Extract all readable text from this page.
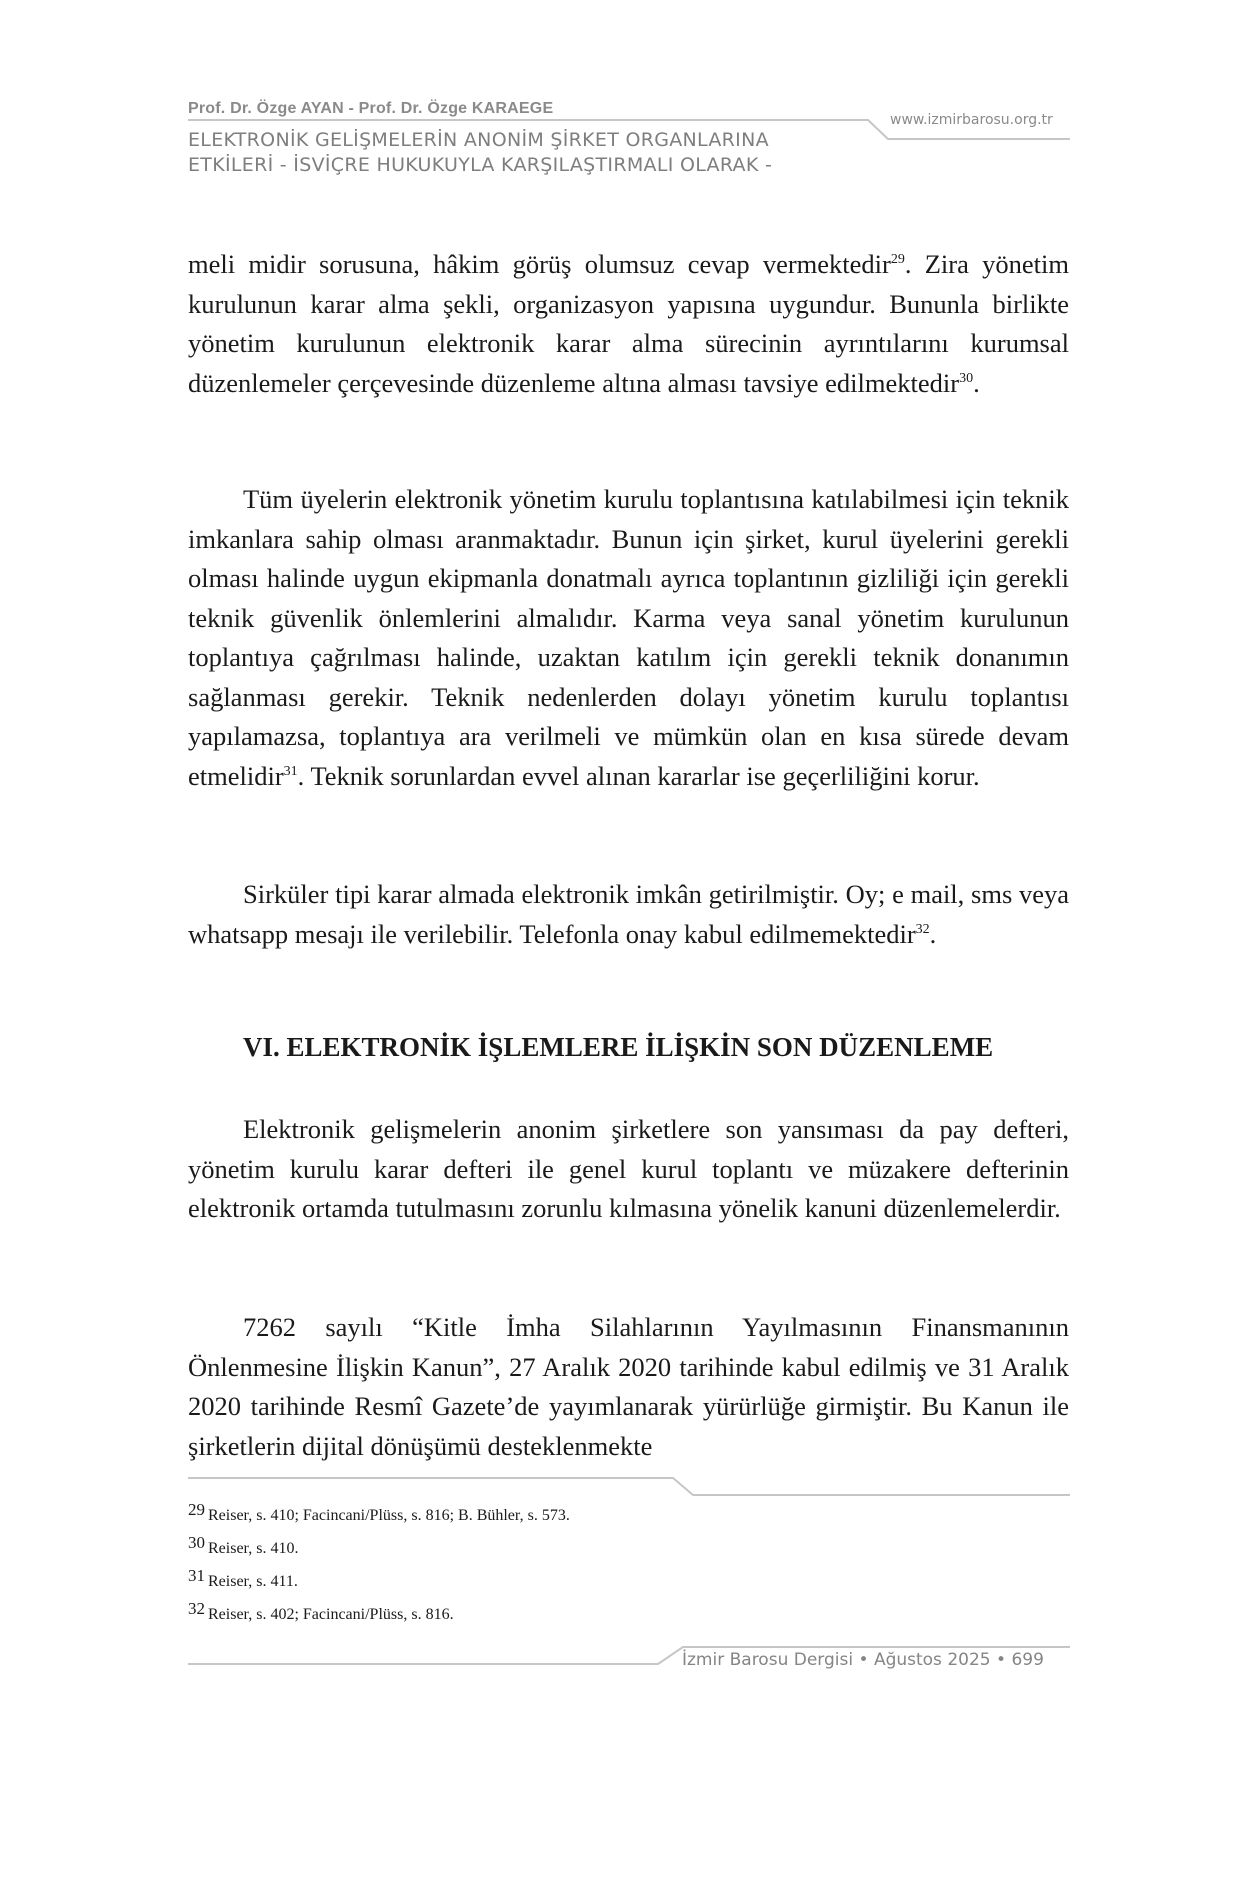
Prof. Dr. Özge AYAN - Prof. Dr. Özge KARAEGE
ELEKTRONİK GELİŞMELERİN ANONİM ŞİRKET ORGANLARINA
ETKİLERİ - İSVİÇRE HUKUKUYLA KARŞILAŞTIRMALI OLARAK -
www.izmirbarosu.org.tr

meli midir sorusuna, hâkim görüş olumsuz cevap vermektedir$^{29}$. Zira yönetim kurulunun karar alma şekli, organizasyon yapısına uygundur. Bununla birlikte yönetim kurulunun elektronik karar alma sürecinin ayrıntılarını kurumsal düzenlemeler çerçevesinde düzenleme altına alması tavsiye edilmektedir$^{30}$.

Tüm üyelerin elektronik yönetim kurulu toplantısına katılabilmesi için teknik imkanlara sahip olması aranmaktadır. Bunun için şirket, kurul üyelerini gerekli olması halinde uygun ekipmanla donatmalı ayrıca toplantının gizliliği için gerekli teknik güvenlik önlemlerini almalıdır. Karma veya sanal yönetim kurulunun toplantıya çağrılması halinde, uzaktan katılım için gerekli teknik donanımın sağlanması gerekir. Teknik nedenlerden dolayı yönetim kurulu toplantısı yapılamazsa, toplantıya ara verilmeli ve mümkün olan en kısa sürede devam etmelidir$^{31}$. Teknik sorunlardan evvel alınan kararlar ise geçerliliğini korur.

Sirküler tipi karar almada elektronik imkân getirilmiştir. Oy; e mail, sms veya whatsapp mesajı ile verilebilir. Telefonla onay kabul edilmemektedir$^{32}$.

VI. ELEKTRONİK İŞLEMLERE İLİŞKİN SON DÜZENLEME

Elektronik gelişmelerin anonim şirketlere son yansıması da pay defteri, yönetim kurulu karar defteri ile genel kurul toplantı ve müzakere defterinin elektronik ortamda tutulmasını zorunlu kılmasına yönelik kanuni düzenlemelerdir.

7262 sayılı “Kitle İmha Silahlarının Yayılmasının Finansmanının Önlenmesine İlişkin Kanun”, 27 Aralık 2020 tarihinde kabul edilmiş ve 31 Aralık 2020 tarihinde Resmî Gazete’de yayımlanarak yürürlüğe girmiştir. Bu Kanun ile şirketlerin dijital dönüşümü desteklenmekte

29 Reiser, s. 410; Facincani/Plüss, s. 816; B. Bühler, s. 573.
30 Reiser, s. 410.
31 Reiser, s. 411.
32 Reiser, s. 402; Facincani/Plüss, s. 816.
İzmir Barosu Dergisi • Ağustos 2025 • 699
